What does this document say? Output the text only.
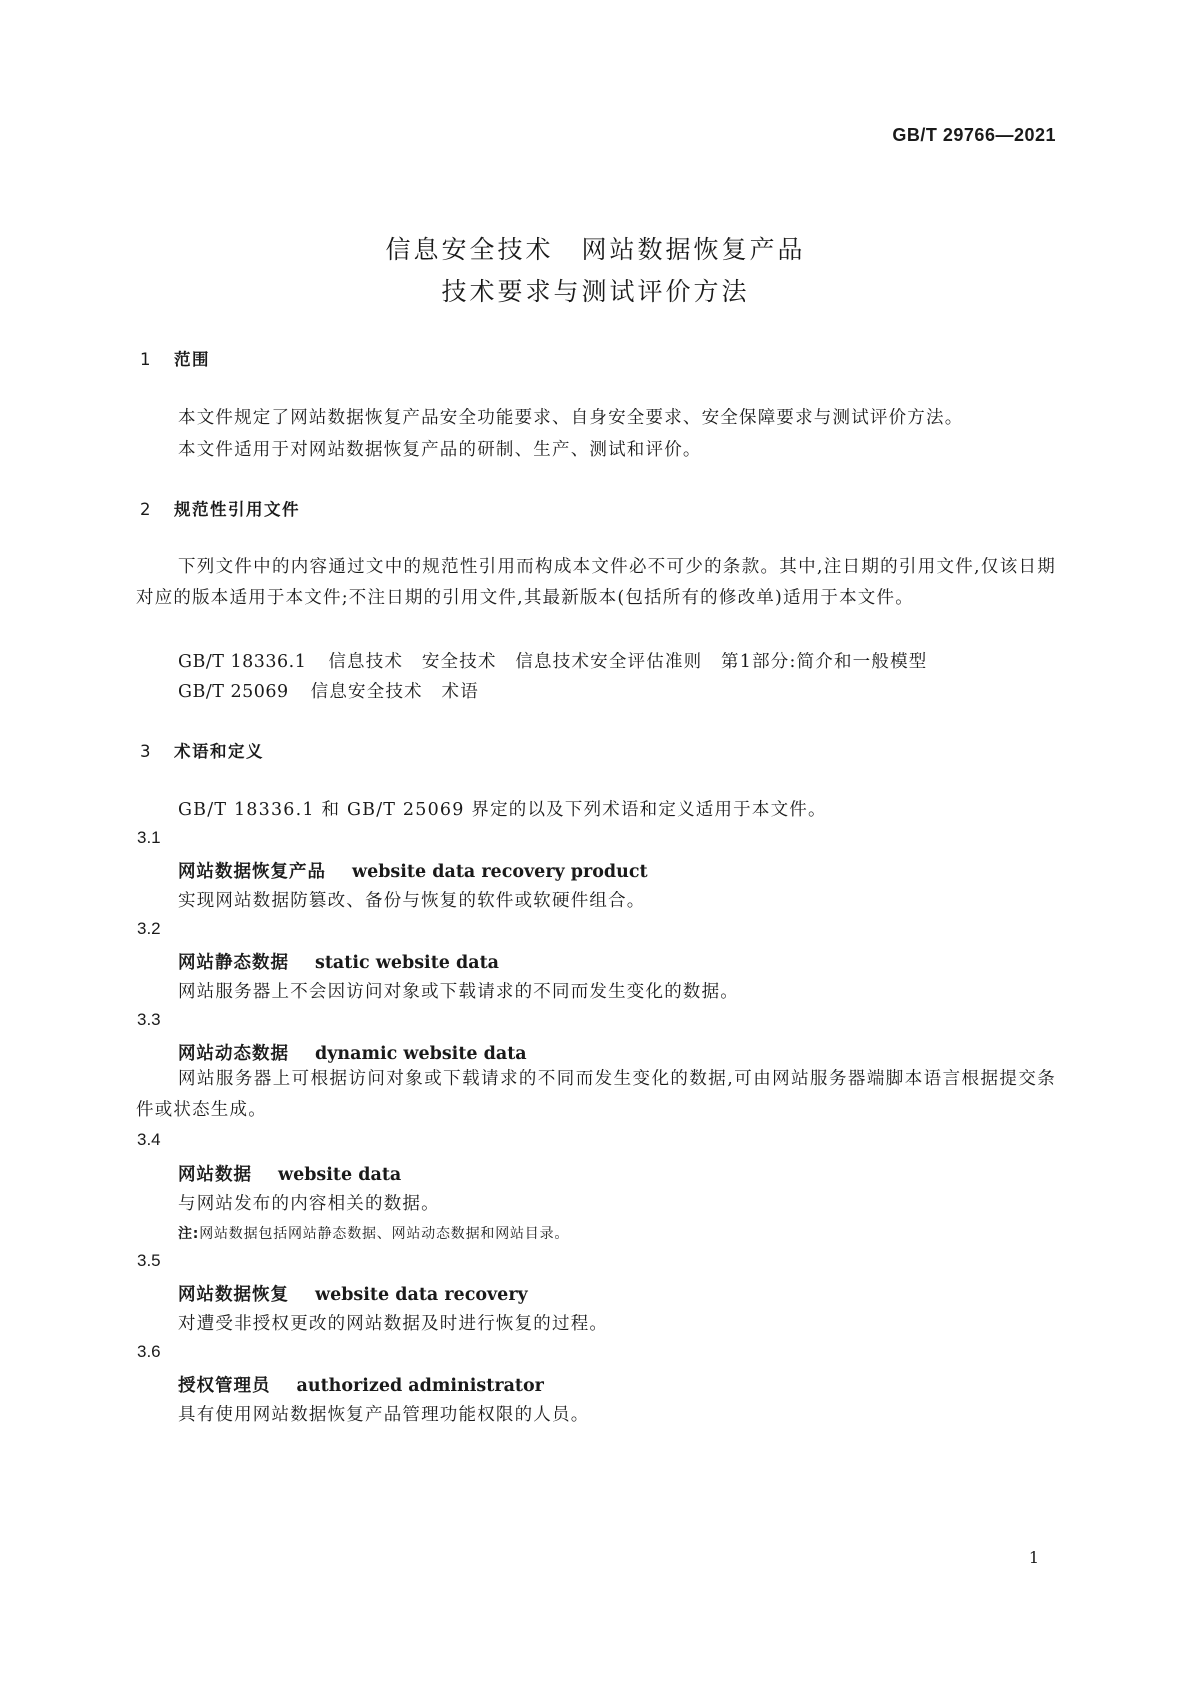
GB/T 29766—2021
信息安全技术　网站数据恢复产品
技术要求与测试评价方法
1 范围
本文件规定了网站数据恢复产品安全功能要求、自身安全要求、安全保障要求与测试评价方法。
本文件适用于对网站数据恢复产品的研制、生产、测试和评价。
2 规范性引用文件
下列文件中的内容通过文中的规范性引用而构成本文件必不可少的条款。其中,注日期的引用文件,仅该日期对应的版本适用于本文件;不注日期的引用文件,其最新版本(包括所有的修改单)适用于本文件。
GB/T 18336.1 信息技术　安全技术　信息技术安全评估准则　第1部分:简介和一般模型
GB/T 25069 信息安全技术　术语
3 术语和定义
GB/T 18336.1 和 GB/T 25069 界定的以及下列术语和定义适用于本文件。
3.1
网站数据恢复产品 website data recovery product
实现网站数据防篡改、备份与恢复的软件或软硬件组合。
3.2
网站静态数据 static website data
网站服务器上不会因访问对象或下载请求的不同而发生变化的数据。
3.3
网站动态数据 dynamic website data
网站服务器上可根据访问对象或下载请求的不同而发生变化的数据,可由网站服务器端脚本语言根据提交条件或状态生成。
3.4
网站数据 website data
与网站发布的内容相关的数据。
注:网站数据包括网站静态数据、网站动态数据和网站目录。
3.5
网站数据恢复 website data recovery
对遭受非授权更改的网站数据及时进行恢复的过程。
3.6
授权管理员 authorized administrator
具有使用网站数据恢复产品管理功能权限的人员。
1
